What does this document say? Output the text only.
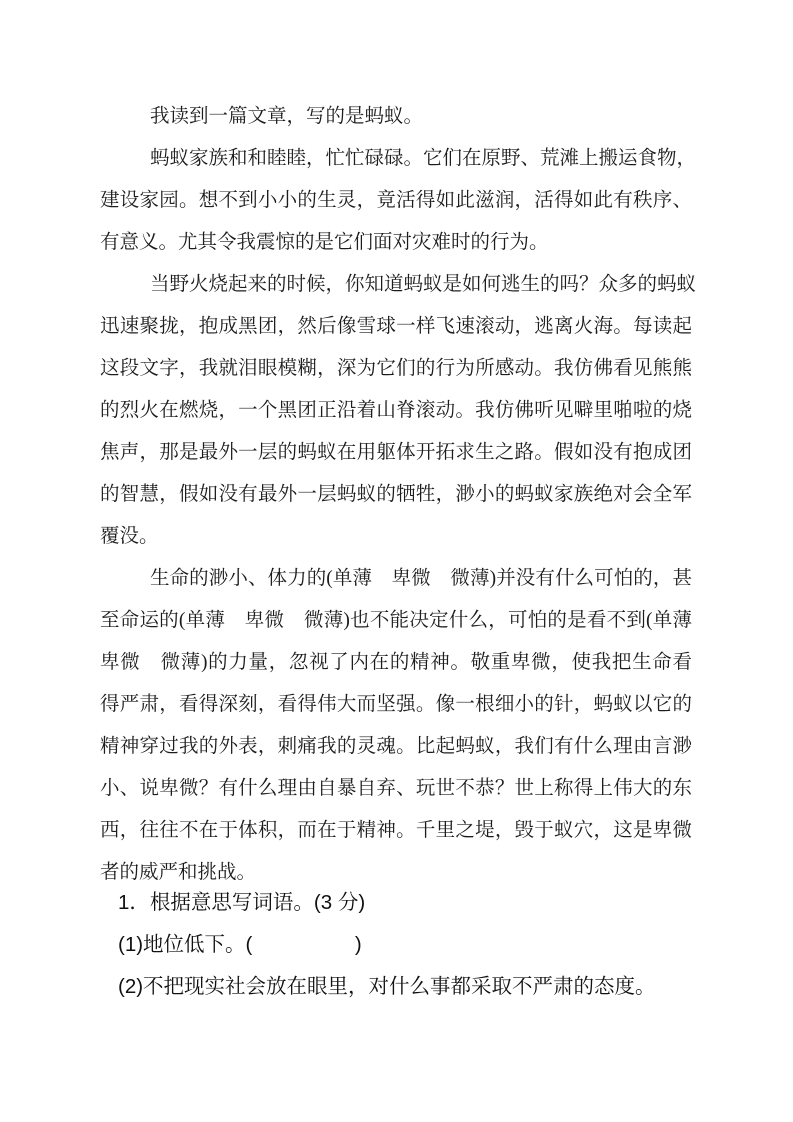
我读到一篇文章，写的是蚂蚁。
蚂蚁家族和和睦睦，忙忙碌碌。它们在原野、荒滩上搬运食物，
建设家园。想不到小小的生灵，竟活得如此滋润，活得如此有秩序、
有意义。尤其令我震惊的是它们面对灾难时的行为。
当野火烧起来的时候，你知道蚂蚁是如何逃生的吗？众多的蚂蚁
迅速聚拢，抱成黑团，然后像雪球一样飞速滚动，逃离火海。每读起
这段文字，我就泪眼模糊，深为它们的行为所感动。我仿佛看见熊熊
的烈火在燃烧，一个黑团正沿着山脊滚动。我仿佛听见噼里啪啦的烧
焦声，那是最外一层的蚂蚁在用躯体开拓求生之路。假如没有抱成团
的智慧，假如没有最外一层蚂蚁的牺牲，渺小的蚂蚁家族绝对会全军
覆没。
生命的渺小、体力的(单薄　卑微　微薄)并没有什么可怕的，甚
至命运的(单薄　卑微　微薄)也不能决定什么，可怕的是看不到(单薄
卑微　微薄)的力量，忽视了内在的精神。敬重卑微，使我把生命看
得严肃，看得深刻，看得伟大而坚强。像一根细小的针，蚂蚁以它的
精神穿过我的外表，刺痛我的灵魂。比起蚂蚁，我们有什么理由言渺
小、说卑微？有什么理由自暴自弃、玩世不恭？世上称得上伟大的东
西，往往不在于体积，而在于精神。千里之堤，毁于蚁穴，这是卑微
者的威严和挑战。
1．根据意思写词语。(3 分)
(1)地位低下。(　　　　　)
(2)不把现实社会放在眼里，对什么事都采取不严肃的态度。
